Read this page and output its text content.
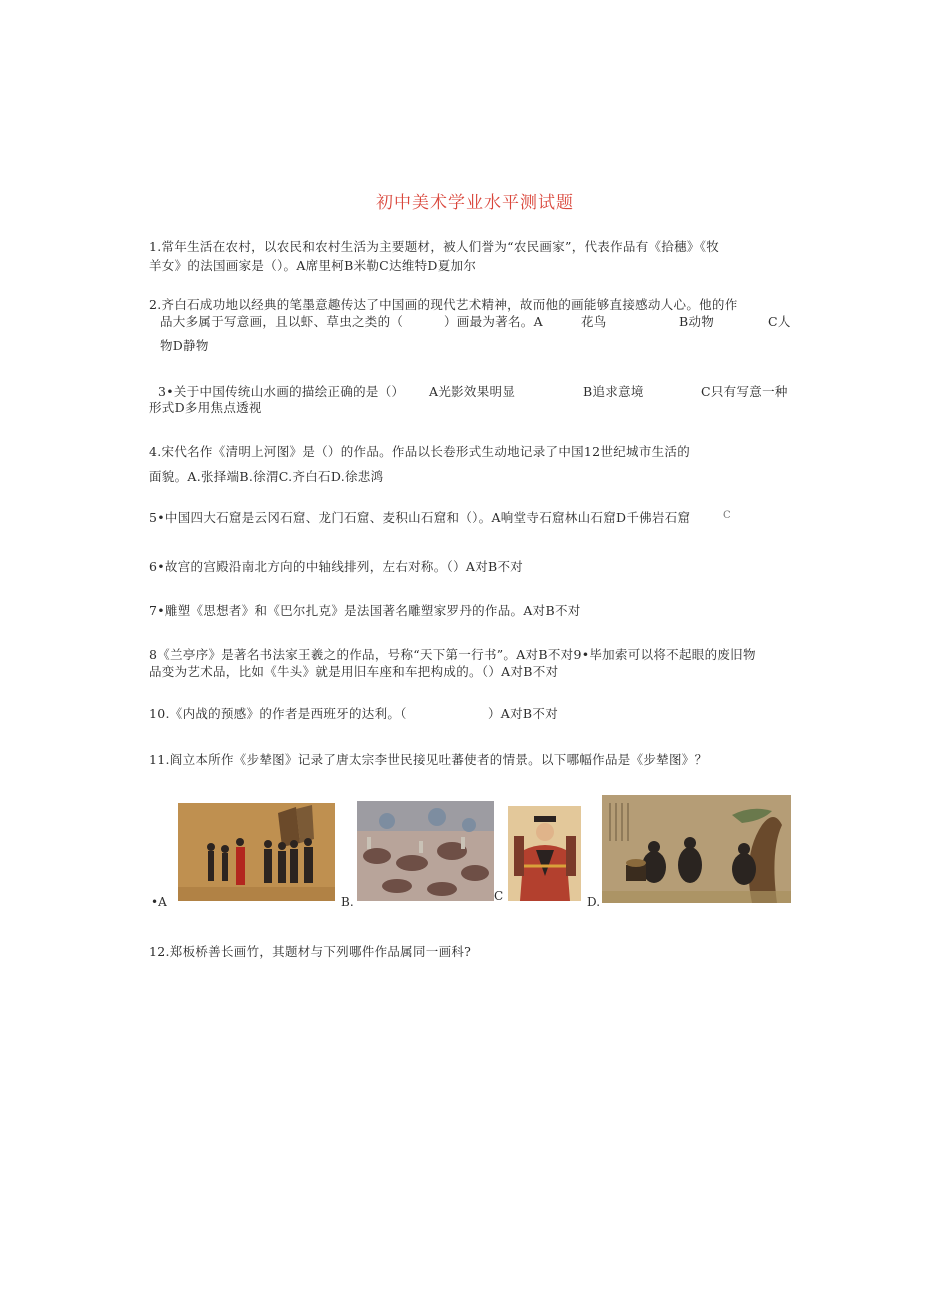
初中美术学业水平测试题
1.常年生活在农村，以农民和农村生活为主要题材，被人们誉为“农民画家”，代表作品有《拾穗》《牧
羊女》的法国画家是（）。A席里柯B米勒C达维特D夏加尔
2.齐白石成功地以经典的笔墨意趣传达了中国画的现代艺术精神，故而他的画能够直接感动人心。他的作
品大多属于写意画，且以虾、草虫之类的（	）画最为著名。A	花鸟	B动物	C人
物D静物
3•关于中国传统山水画的描绘正确的是（） A光影效果明显	B追求意境	C只有写意一种
形式D多用焦点透视
4.宋代名作《清明上河图》是（）的作品。作品以长卷形式生动地记录了中国12世纪城市生活的
面貌。A.张择端B.徐渭C.齐白石D.徐悲鸿
5•中国四大石窟是云冈石窟、龙门石窟、麦积山石窟和（）。A响堂寺石窟林山石窟D千佛岩石窟	C
6•故宫的宫殿沿南北方向的中轴线排列，左右对称。（）A对B不对
7•雕塑《思想者》和《巴尔扎克》是法国著名雕塑家罗丹的作品。A对B不对
8《兰亭序》是著名书法家王羲之的作品，号称“天下第一行书”。A对B不对9•毕加索可以将不起眼的废旧物
品变为艺术品，比如《牛头》就是用旧车座和车把构成的。（）A对B不对
10.《内战的预感》的作者是西班牙的达利。（	）A对B不对
11.阎立本所作《步辇图》记录了唐太宗李世民接见吐蕃使者的情景。以下哪幅作品是《步辇图》？
•A	B.	C	D.
12.郑板桥善长画竹，其题材与下列哪件作品属同一画科?
